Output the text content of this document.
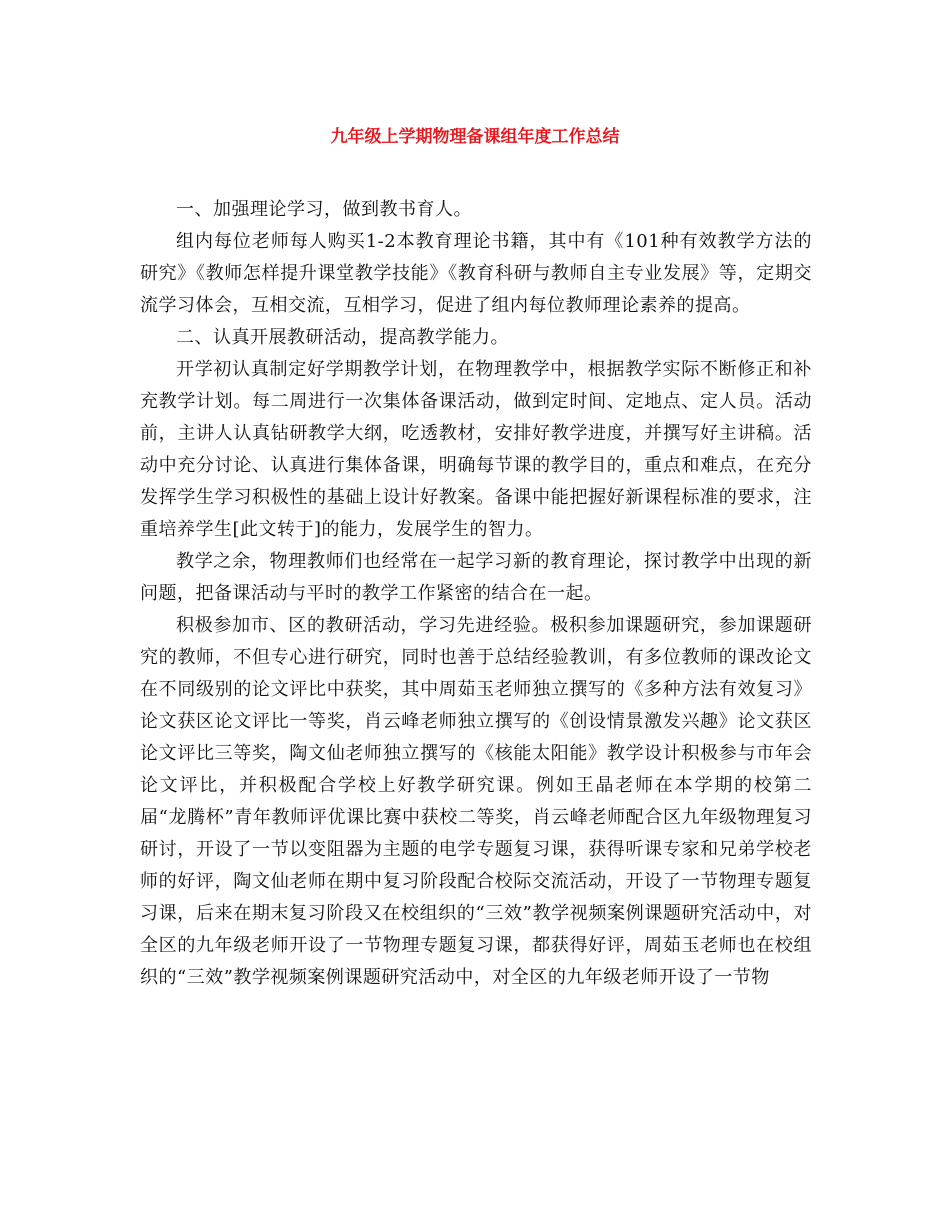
九年级上学期物理备课组年度工作总结

一、加强理论学习，做到教书育人。

组内每位老师每人购买1-2本教育理论书籍，其中有《101种有效教学方法的研究》《教师怎样提升课堂教学技能》《教育科研与教师自主专业发展》等，定期交流学习体会，互相交流，互相学习，促进了组内每位教师理论素养的提高。

二、认真开展教研活动，提高教学能力。

开学初认真制定好学期教学计划，在物理教学中，根据教学实际不断修正和补充教学计划。每二周进行一次集体备课活动，做到定时间、定地点、定人员。活动前，主讲人认真钻研教学大纲，吃透教材，安排好教学进度，并撰写好主讲稿。活动中充分讨论、认真进行集体备课，明确每节课的教学目的，重点和难点，在充分发挥学生学习积极性的基础上设计好教案。备课中能把握好新课程标准的要求，注重培养学生[此文转于]的能力，发展学生的智力。

教学之余，物理教师们也经常在一起学习新的教育理论，探讨教学中出现的新问题，把备课活动与平时的教学工作紧密的结合在一起。

积极参加市、区的教研活动，学习先进经验。极积参加课题研究，参加课题研究的教师，不但专心进行研究，同时也善于总结经验教训，有多位教师的课改论文在不同级别的论文评比中获奖，其中周茹玉老师独立撰写的《多种方法有效复习》论文获区论文评比一等奖，肖云峰老师独立撰写的《创设情景激发兴趣》论文获区论文评比三等奖，陶文仙老师独立撰写的《核能太阳能》教学设计积极参与市年会论文评比，并积极配合学校上好教学研究课。例如王晶老师在本学期的校第二届“龙腾杯”青年教师评优课比赛中获校二等奖，肖云峰老师配合区九年级物理复习研讨，开设了一节以变阻器为主题的电学专题复习课，获得听课专家和兄弟学校老师的好评，陶文仙老师在期中复习阶段配合校际交流活动，开设了一节物理专题复习课，后来在期末复习阶段又在校组织的“三效”教学视频案例课题研究活动中，对全区的九年级老师开设了一节物理专题复习课，都获得好评，周茹玉老师也在校组织的“三效”教学视频案例课题研究活动中，对全区的九年级老师开设了一节物
